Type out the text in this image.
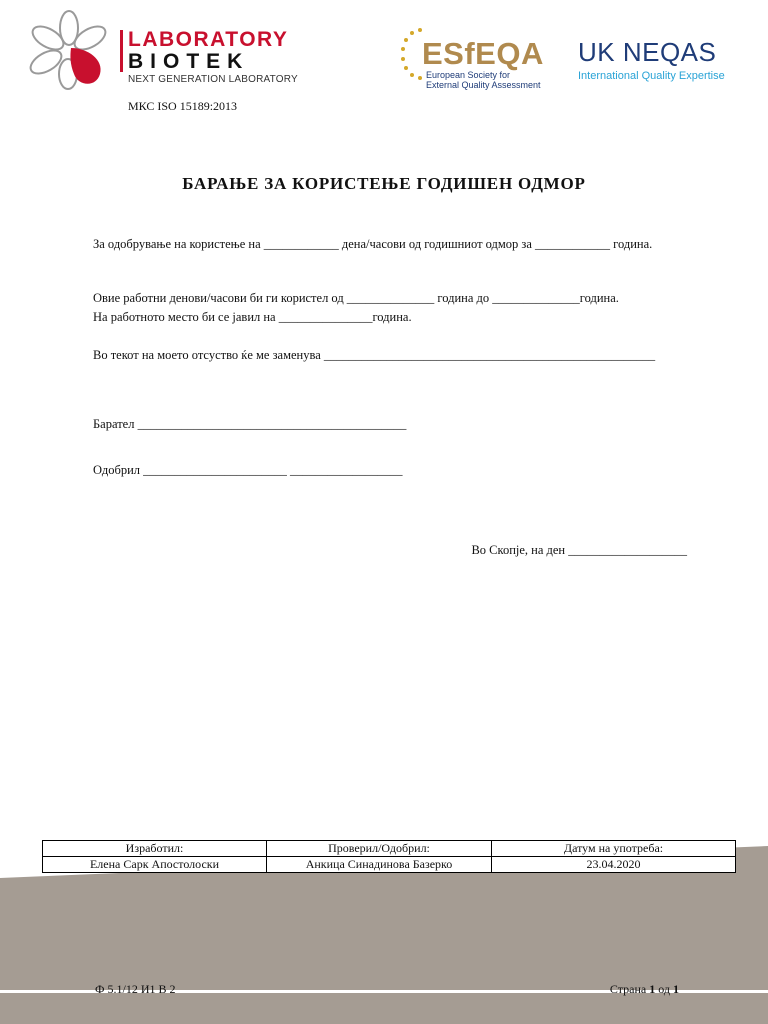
LABORATORY
BIOTEK
NEXT GENERATION LABORATORY
МКС ISO 15189:2013
ESfEQA
European Society for
External Quality Assessment
UK NEQAS
International Quality Expertise
БАРАЊЕ ЗА КОРИСТЕЊЕ ГОДИШЕН ОДМОР
За одобрување на користење на ____________ дена/часови од годишниот одмор за ____________ година.
Овие работни денови/часови би ги користел од ______________ година до ______________година.
На работното место би се јавил на _______________година.
Во текот на моето отсуство ќе ме заменува _____________________________________________________
Барател ___________________________________________
Одобрил _______________________ __________________
Во Скопје, на ден ___________________
Изработил:	Проверил/Одобрил:	Датум на употреба:
Елена Сарк Апостолоски	Анкица Синадинова Базерко	23.04.2020
Ф 5.1/12 И1 В 2	Страна 1 од 1
